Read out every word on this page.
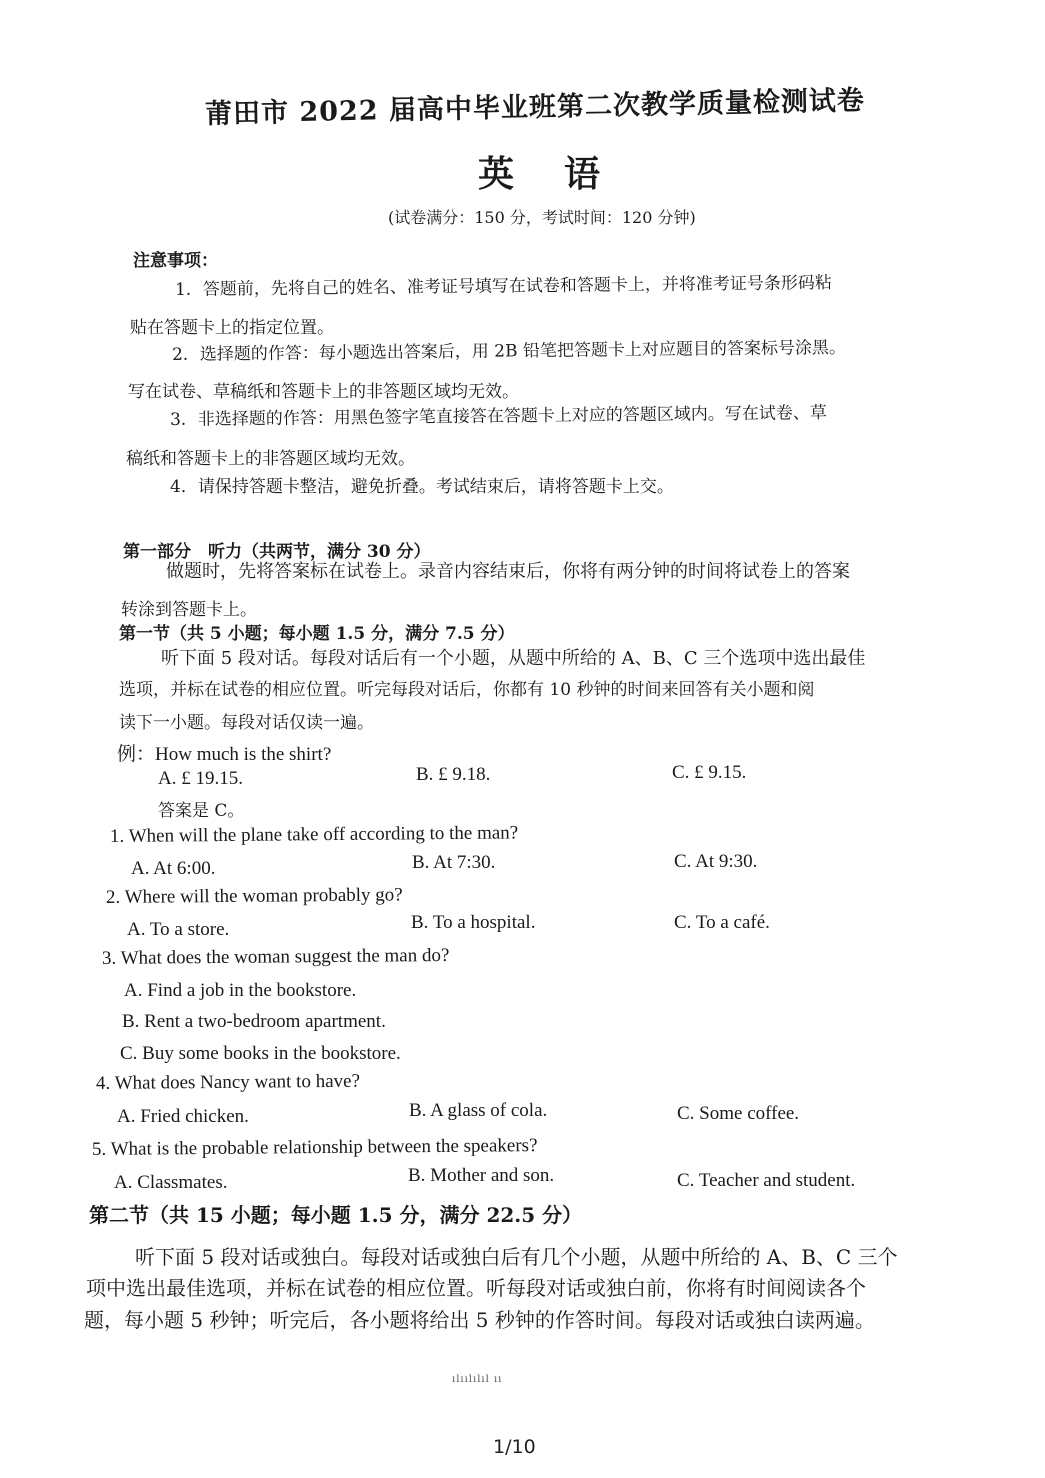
莆田市 2022 届高中毕业班第二次教学质量检测试卷
英语
(试卷满分：150 分，考试时间：120 分钟)
注意事项：
1．答题前，先将自己的姓名、准考证号填写在试卷和答题卡上，并将准考证号条形码粘
贴在答题卡上的指定位置。
2．选择题的作答：每小题选出答案后，用 2B 铅笔把答题卡上对应题目的答案标号涂黑。
写在试卷、草稿纸和答题卡上的非答题区域均无效。
3．非选择题的作答：用黑色签字笔直接答在答题卡上对应的答题区域内。写在试卷、草
稿纸和答题卡上的非答题区域均无效。
4．请保持答题卡整洁，避免折叠。考试结束后，请将答题卡上交。
第一部分　听力（共两节，满分 30 分）
做题时，先将答案标在试卷上。录音内容结束后，你将有两分钟的时间将试卷上的答案
转涂到答题卡上。
第一节（共 5 小题；每小题 1.5 分，满分 7.5 分）
听下面 5 段对话。每段对话后有一个小题，从题中所给的 A、B、C 三个选项中选出最佳
选项，并标在试卷的相应位置。听完每段对话后，你都有 10 秒钟的时间来回答有关小题和阅
读下一小题。每段对话仅读一遍。
例：How much is the shirt?
A. £ 19.15.	B. £ 9.18.	C. £ 9.15.
答案是 C。
1. When will the plane take off according to the man?
A. At 6:00.	B. At 7:30.	C. At 9:30.
2. Where will the woman probably go?
A. To a store.	B. To a hospital.	C. To a café.
3. What does the woman suggest the man do?
A. Find a job in the bookstore.
B. Rent a two-bedroom apartment.
C. Buy some books in the bookstore.
4. What does Nancy want to have?
A. Fried chicken.	B. A glass of cola.	C. Some coffee.
5. What is the probable relationship between the speakers?
A. Classmates.	B. Mother and son.	C. Teacher and student.
第二节（共 15 小题；每小题 1.5 分，满分 22.5 分）
听下面 5 段对话或独白。每段对话或独白后有几个小题，从题中所给的 A、B、C 三个
项中选出最佳选项，并标在试卷的相应位置。听每段对话或独白前，你将有时间阅读各个
题，每小题 5 秒钟；听完后，各小题将给出 5 秒钟的作答时间。每段对话或独白读两遍。
ılıılılıl ıı
1/10
